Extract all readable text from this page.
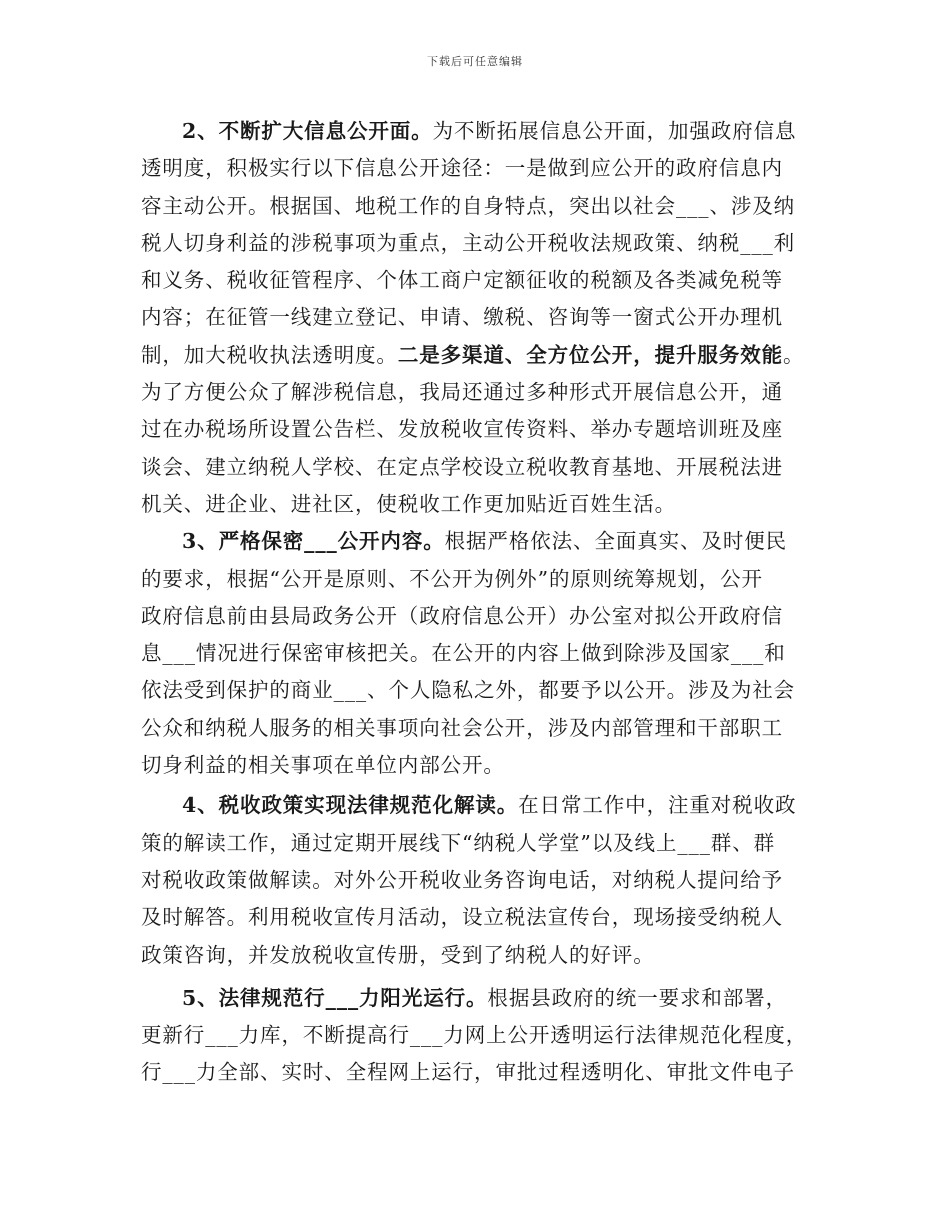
下载后可任意编辑
2、不断扩大信息公开面。为不断拓展信息公开面，加强政府信息
透明度，积极实行以下信息公开途径：一是做到应公开的政府信息内
容主动公开。根据国、地税工作的自身特点，突出以社会___、涉及纳
税人切身利益的涉税事项为重点，主动公开税收法规政策、纳税___利
和义务、税收征管程序、个体工商户定额征收的税额及各类减免税等
内容；在征管一线建立登记、申请、缴税、咨询等一窗式公开办理机
制，加大税收执法透明度。二是多渠道、全方位公开，提升服务效能。
为了方便公众了解涉税信息，我局还通过多种形式开展信息公开，通
过在办税场所设置公告栏、发放税收宣传资料、举办专题培训班及座
谈会、建立纳税人学校、在定点学校设立税收教育基地、开展税法进
机关、进企业、进社区，使税收工作更加贴近百姓生活。
3、严格保密___公开内容。根据严格依法、全面真实、及时便民
的要求，根据“公开是原则、不公开为例外”的原则统筹规划，公开
政府信息前由县局政务公开（政府信息公开）办公室对拟公开政府信
息___情况进行保密审核把关。在公开的内容上做到除涉及国家___和
依法受到保护的商业___、个人隐私之外，都要予以公开。涉及为社会
公众和纳税人服务的相关事项向社会公开，涉及内部管理和干部职工
切身利益的相关事项在单位内部公开。
4、税收政策实现法律规范化解读。在日常工作中，注重对税收政
策的解读工作，通过定期开展线下“纳税人学堂”以及线上___群、群
对税收政策做解读。对外公开税收业务咨询电话，对纳税人提问给予
及时解答。利用税收宣传月活动，设立税法宣传台，现场接受纳税人
政策咨询，并发放税收宣传册，受到了纳税人的好评。
5、法律规范行___力阳光运行。根据县政府的统一要求和部署，
更新行___力库，不断提高行___力网上公开透明运行法律规范化程度，
行___力全部、实时、全程网上运行，审批过程透明化、审批文件电子
